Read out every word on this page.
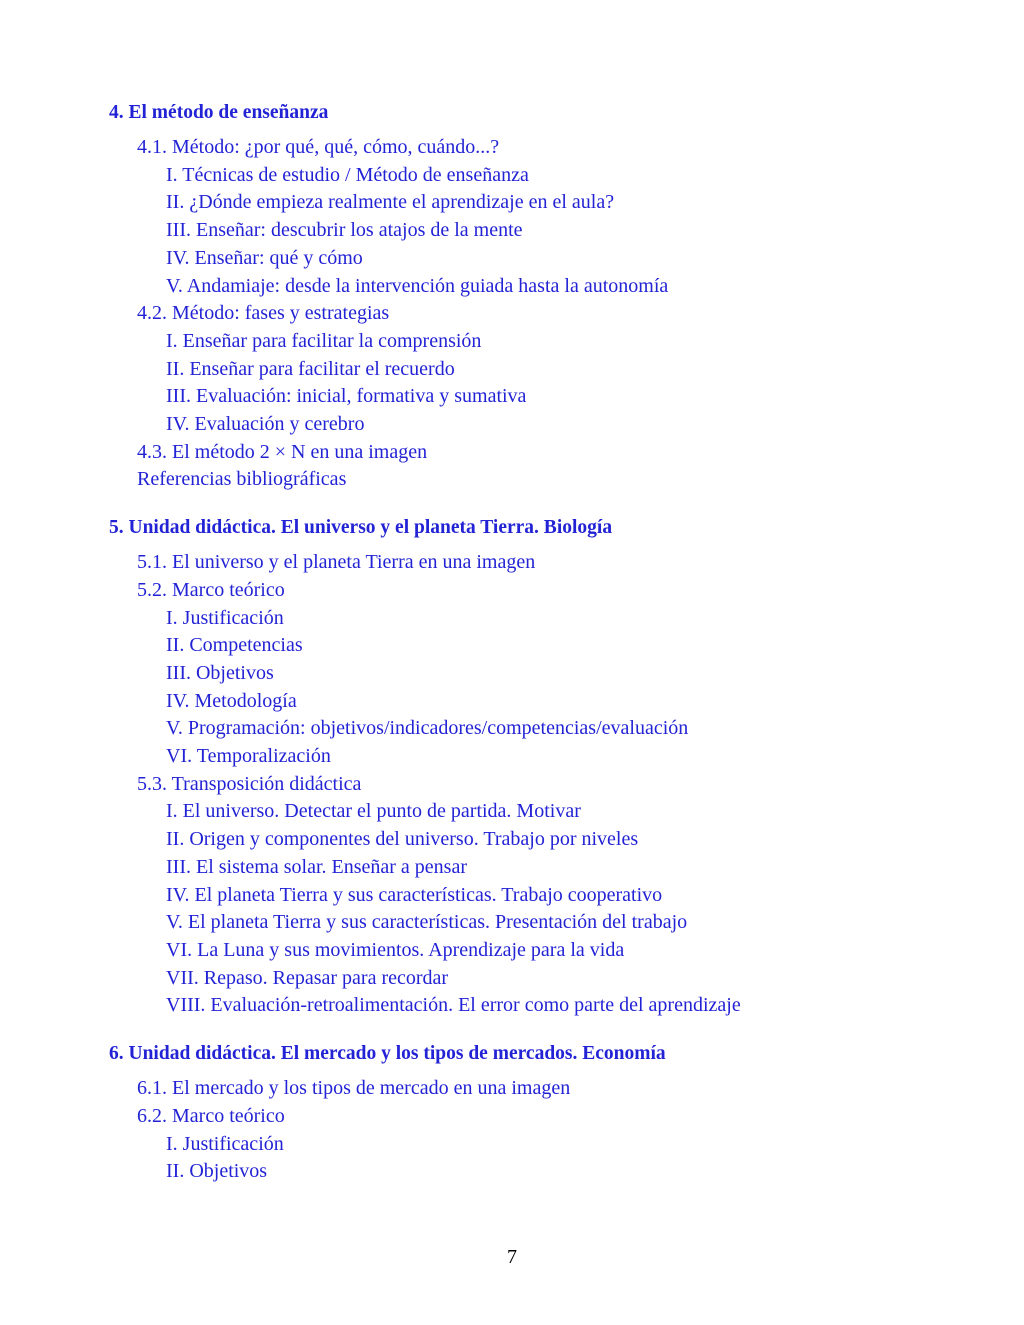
4. El método de enseñanza
4.1. Método: ¿por qué, qué, cómo, cuándo...?
I. Técnicas de estudio / Método de enseñanza
II. ¿Dónde empieza realmente el aprendizaje en el aula?
III. Enseñar: descubrir los atajos de la mente
IV. Enseñar: qué y cómo
V. Andamiaje: desde la intervención guiada hasta la autonomía
4.2. Método: fases y estrategias
I. Enseñar para facilitar la comprensión
II. Enseñar para facilitar el recuerdo
III. Evaluación: inicial, formativa y sumativa
IV. Evaluación y cerebro
4.3. El método 2 × N en una imagen
Referencias bibliográficas
5. Unidad didáctica. El universo y el planeta Tierra. Biología
5.1. El universo y el planeta Tierra en una imagen
5.2. Marco teórico
I. Justificación
II. Competencias
III. Objetivos
IV. Metodología
V. Programación: objetivos/indicadores/competencias/evaluación
VI. Temporalización
5.3. Transposición didáctica
I. El universo. Detectar el punto de partida. Motivar
II. Origen y componentes del universo. Trabajo por niveles
III. El sistema solar. Enseñar a pensar
IV. El planeta Tierra y sus características. Trabajo cooperativo
V. El planeta Tierra y sus características. Presentación del trabajo
VI. La Luna y sus movimientos. Aprendizaje para la vida
VII. Repaso. Repasar para recordar
VIII. Evaluación-retroalimentación. El error como parte del aprendizaje
6. Unidad didáctica. El mercado y los tipos de mercados. Economía
6.1. El mercado y los tipos de mercado en una imagen
6.2. Marco teórico
I. Justificación
II. Objetivos
7
